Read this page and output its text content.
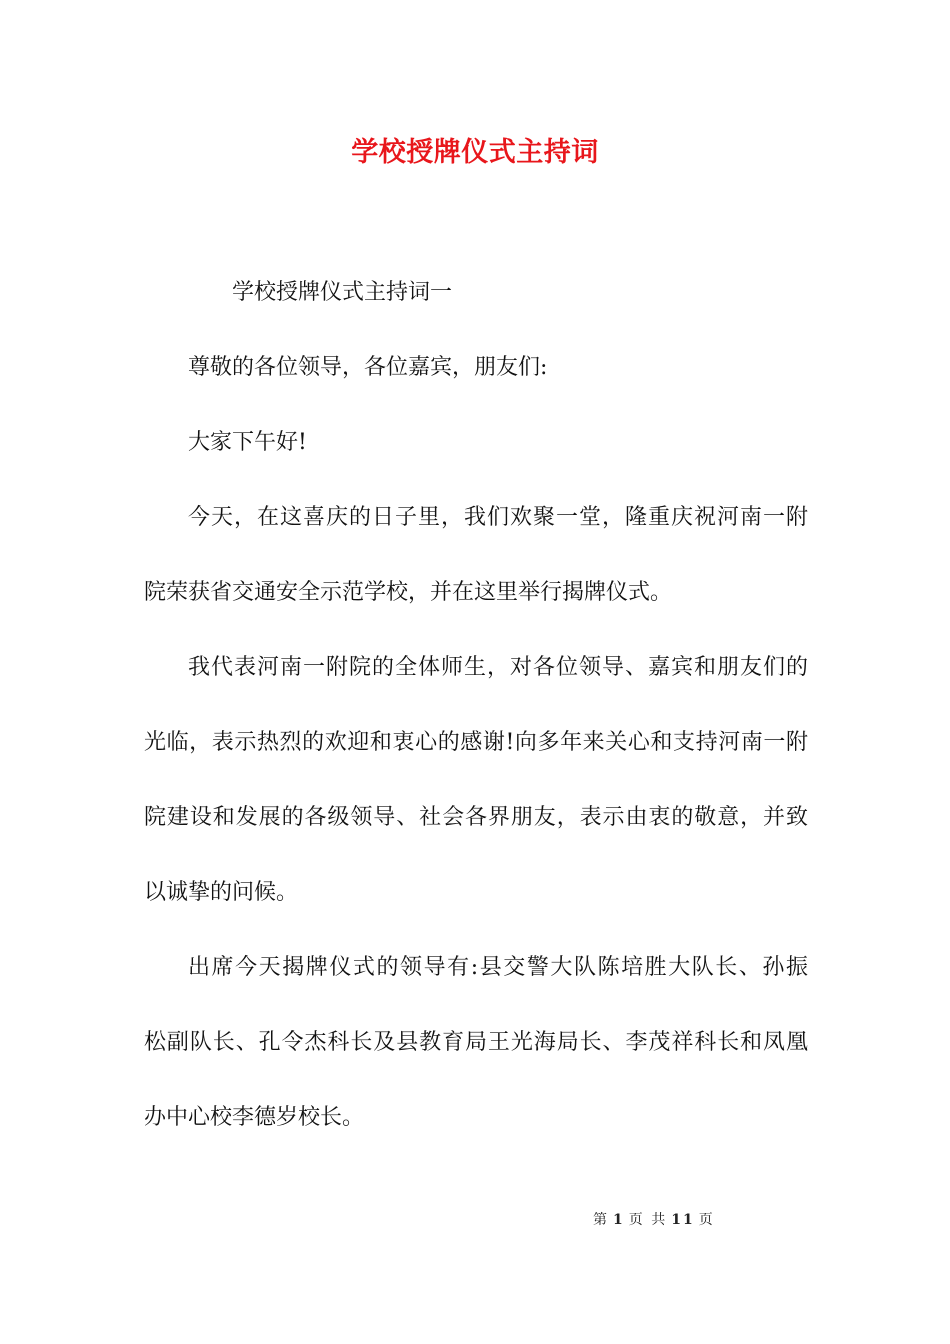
学校授牌仪式主持词
学校授牌仪式主持词一
尊敬的各位领导，各位嘉宾，朋友们:
大家下午好!
今天，在这喜庆的日子里，我们欢聚一堂，隆重庆祝河南一附
院荣获省交通安全示范学校，并在这里举行揭牌仪式。
我代表河南一附院的全体师生，对各位领导、嘉宾和朋友们的
光临，表示热烈的欢迎和衷心的感谢!向多年来关心和支持河南一附
院建设和发展的各级领导、社会各界朋友，表示由衷的敬意，并致
以诚挚的问候。
出席今天揭牌仪式的领导有:县交警大队陈培胜大队长、孙振
松副队长、孔令杰科长及县教育局王光海局长、李茂祥科长和凤凰
办中心校李德岁校长。
第 1 页 共 11 页
